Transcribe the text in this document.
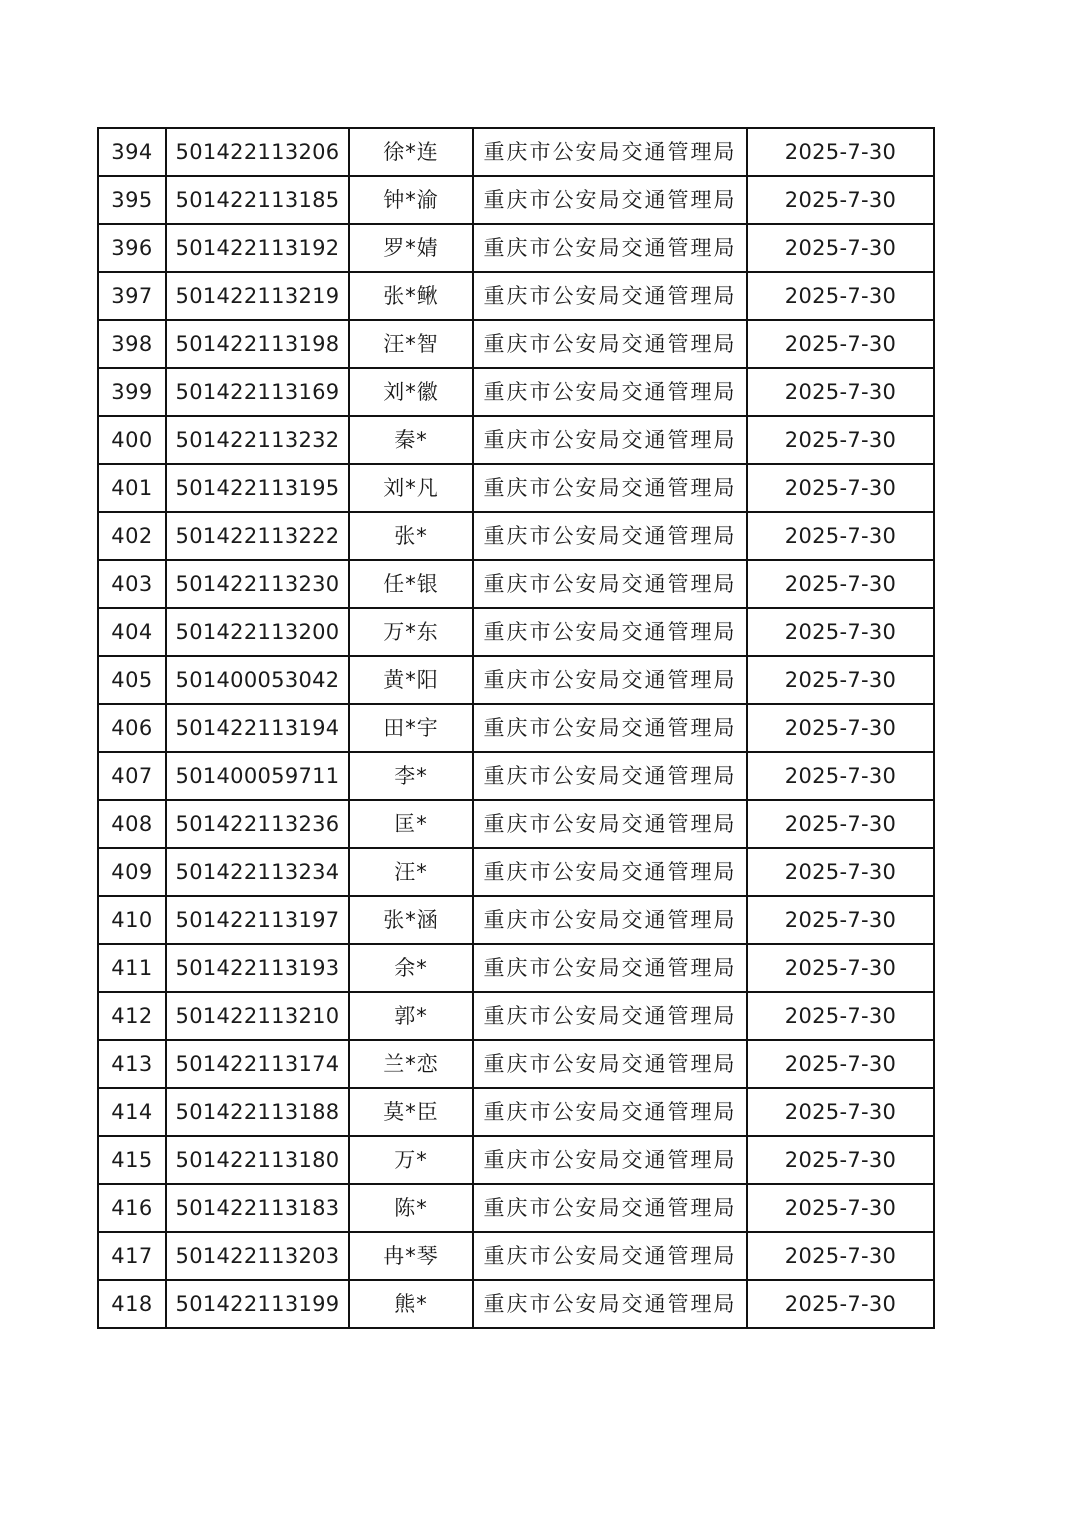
394	501422113206	徐*连	重庆市公安局交通管理局	2025-7-30
395	501422113185	钟*渝	重庆市公安局交通管理局	2025-7-30
396	501422113192	罗*婧	重庆市公安局交通管理局	2025-7-30
397	501422113219	张*鳅	重庆市公安局交通管理局	2025-7-30
398	501422113198	汪*智	重庆市公安局交通管理局	2025-7-30
399	501422113169	刘*徽	重庆市公安局交通管理局	2025-7-30
400	501422113232	秦*	重庆市公安局交通管理局	2025-7-30
401	501422113195	刘*凡	重庆市公安局交通管理局	2025-7-30
402	501422113222	张*	重庆市公安局交通管理局	2025-7-30
403	501422113230	任*银	重庆市公安局交通管理局	2025-7-30
404	501422113200	万*东	重庆市公安局交通管理局	2025-7-30
405	501400053042	黄*阳	重庆市公安局交通管理局	2025-7-30
406	501422113194	田*宇	重庆市公安局交通管理局	2025-7-30
407	501400059711	李*	重庆市公安局交通管理局	2025-7-30
408	501422113236	匡*	重庆市公安局交通管理局	2025-7-30
409	501422113234	汪*	重庆市公安局交通管理局	2025-7-30
410	501422113197	张*涵	重庆市公安局交通管理局	2025-7-30
411	501422113193	余*	重庆市公安局交通管理局	2025-7-30
412	501422113210	郭*	重庆市公安局交通管理局	2025-7-30
413	501422113174	兰*恋	重庆市公安局交通管理局	2025-7-30
414	501422113188	莫*臣	重庆市公安局交通管理局	2025-7-30
415	501422113180	万*	重庆市公安局交通管理局	2025-7-30
416	501422113183	陈*	重庆市公安局交通管理局	2025-7-30
417	501422113203	冉*琴	重庆市公安局交通管理局	2025-7-30
418	501422113199	熊*	重庆市公安局交通管理局	2025-7-30
